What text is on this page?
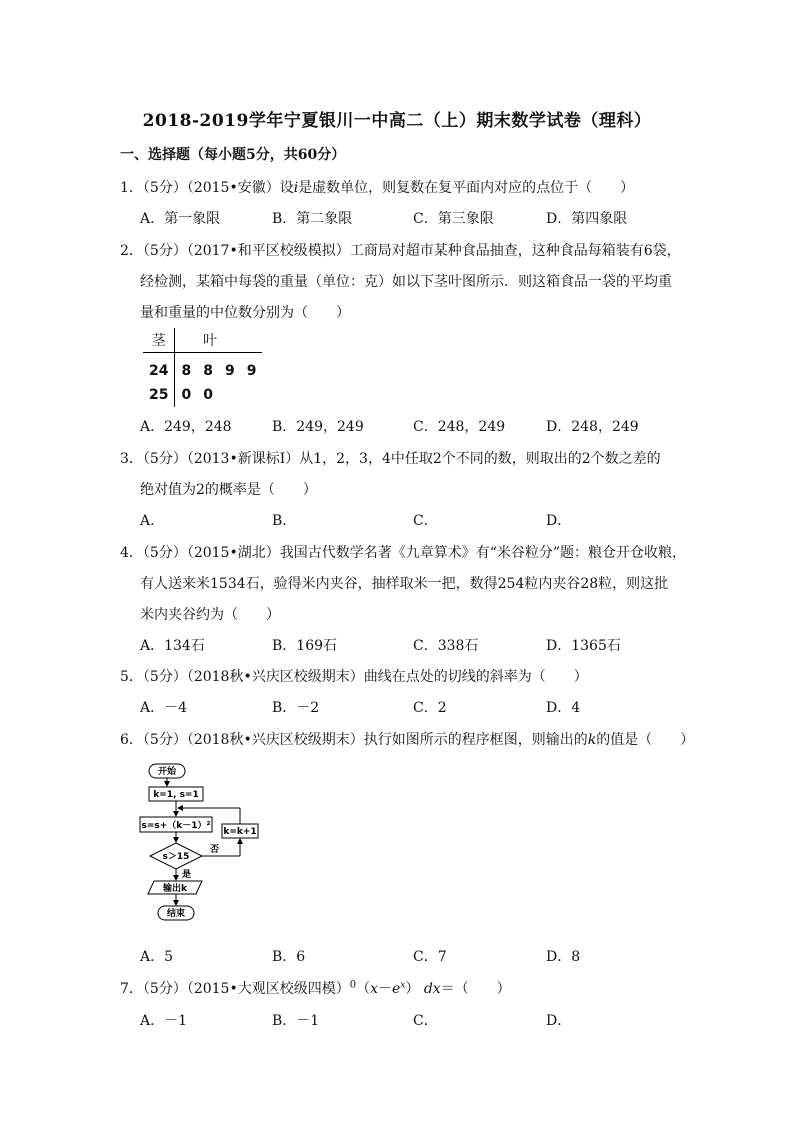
2018-2019学年宁夏银川一中高二（上）期末数学试卷（理科）
一、选择题（每小题5分，共60分）
1．（5分）（2015•安徽）设i是虚数单位，则复数在复平面内对应的点位于（　　）
A．第一象限	B．第二象限	C．第三象限	D．第四象限
2．（5分）（2017•和平区校级模拟）工商局对超市某种食品抽查，这种食品每箱装有6袋，
经检测，某箱中每袋的重量（单位：克）如以下茎叶图所示．则这箱食品一袋的平均重
量和重量的中位数分别为（　　）
茎	叶			
24	8	8	9	9
25	0	0		
A．249，248	B．249，249	C．248，249	D．248，249
3．（5分）（2013•新课标Ⅰ）从1，2，3，4中任取2个不同的数，则取出的2个数之差的
绝对值为2的概率是（　　）
A．	B．	C．	D．
4．（5分）（2015•湖北）我国古代数学名著《九章算术》有“米谷粒分”题：粮仓开仓收粮，
有人送来米1534石，验得米内夹谷，抽样取米一把，数得254粒内夹谷28粒，则这批
米内夹谷约为（　　）
A．134石	B．169石	C．338石	D．1365石
5．（5分）（2018秋•兴庆区校级期末）曲线在点处的切线的斜率为（　　）
A．－4	B．－2	C．2	D．4
6．（5分）（2018秋•兴庆区校级期末）执行如图所示的程序框图，则输出的k的值是（　　）
开始
k=1, s=1
s=s+（k－1）²
k=k+1
s＞15
否
是
输出k
结束
A．5	B．6	C．7	D．8
7．（5分）（2015•大观区校级四模）$^0(x-e^x)$ dx＝（　　）
A．－1	B．－1	C．	D．
